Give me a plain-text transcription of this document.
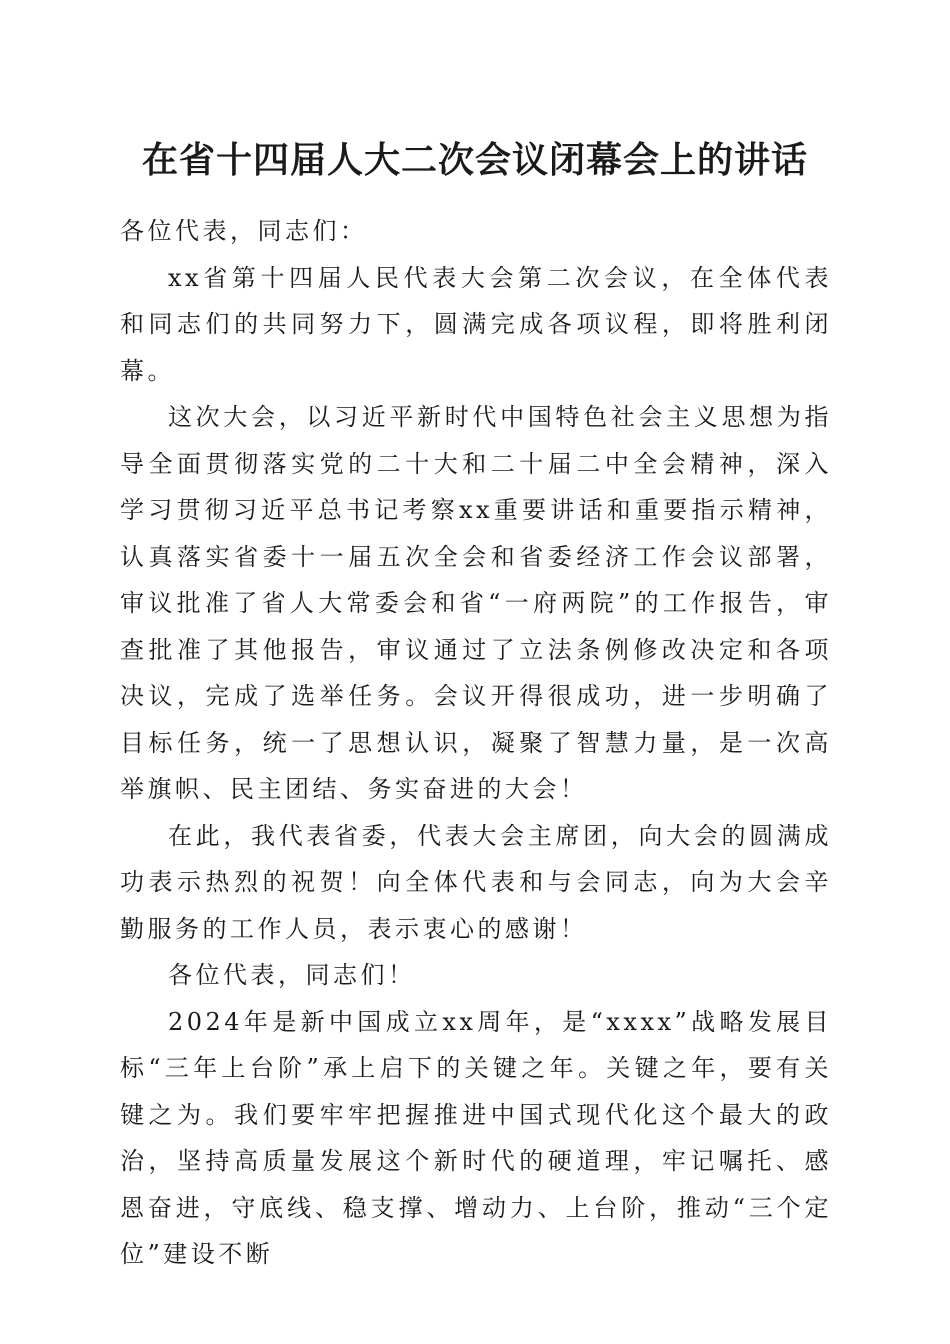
在省十四届人大二次会议闭幕会上的讲话

各位代表，同志们：

xx省第十四届人民代表大会第二次会议，在全体代表和同志们的共同努力下，圆满完成各项议程，即将胜利闭幕。

这次大会，以习近平新时代中国特色社会主义思想为指导全面贯彻落实党的二十大和二十届二中全会精神，深入学习贯彻习近平总书记考察xx重要讲话和重要指示精神，认真落实省委十一届五次全会和省委经济工作会议部署，审议批准了省人大常委会和省“一府两院”的工作报告，审查批准了其他报告，审议通过了立法条例修改决定和各项决议，完成了选举任务。会议开得很成功，进一步明确了目标任务，统一了思想认识，凝聚了智慧力量，是一次高举旗帜、民主团结、务实奋进的大会！

在此，我代表省委，代表大会主席团，向大会的圆满成功表示热烈的祝贺！向全体代表和与会同志，向为大会辛勤服务的工作人员，表示衷心的感谢！

各位代表，同志们！

2024年是新中国成立xx周年，是“xxxx”战略发展目标“三年上台阶”承上启下的关键之年。关键之年，要有关键之为。我们要牢牢把握推进中国式现代化这个最大的政治，坚持高质量发展这个新时代的硬道理，牢记嘱托、感恩奋进，守底线、稳支撑、增动力、上台阶，推动“三个定位”建设不断
